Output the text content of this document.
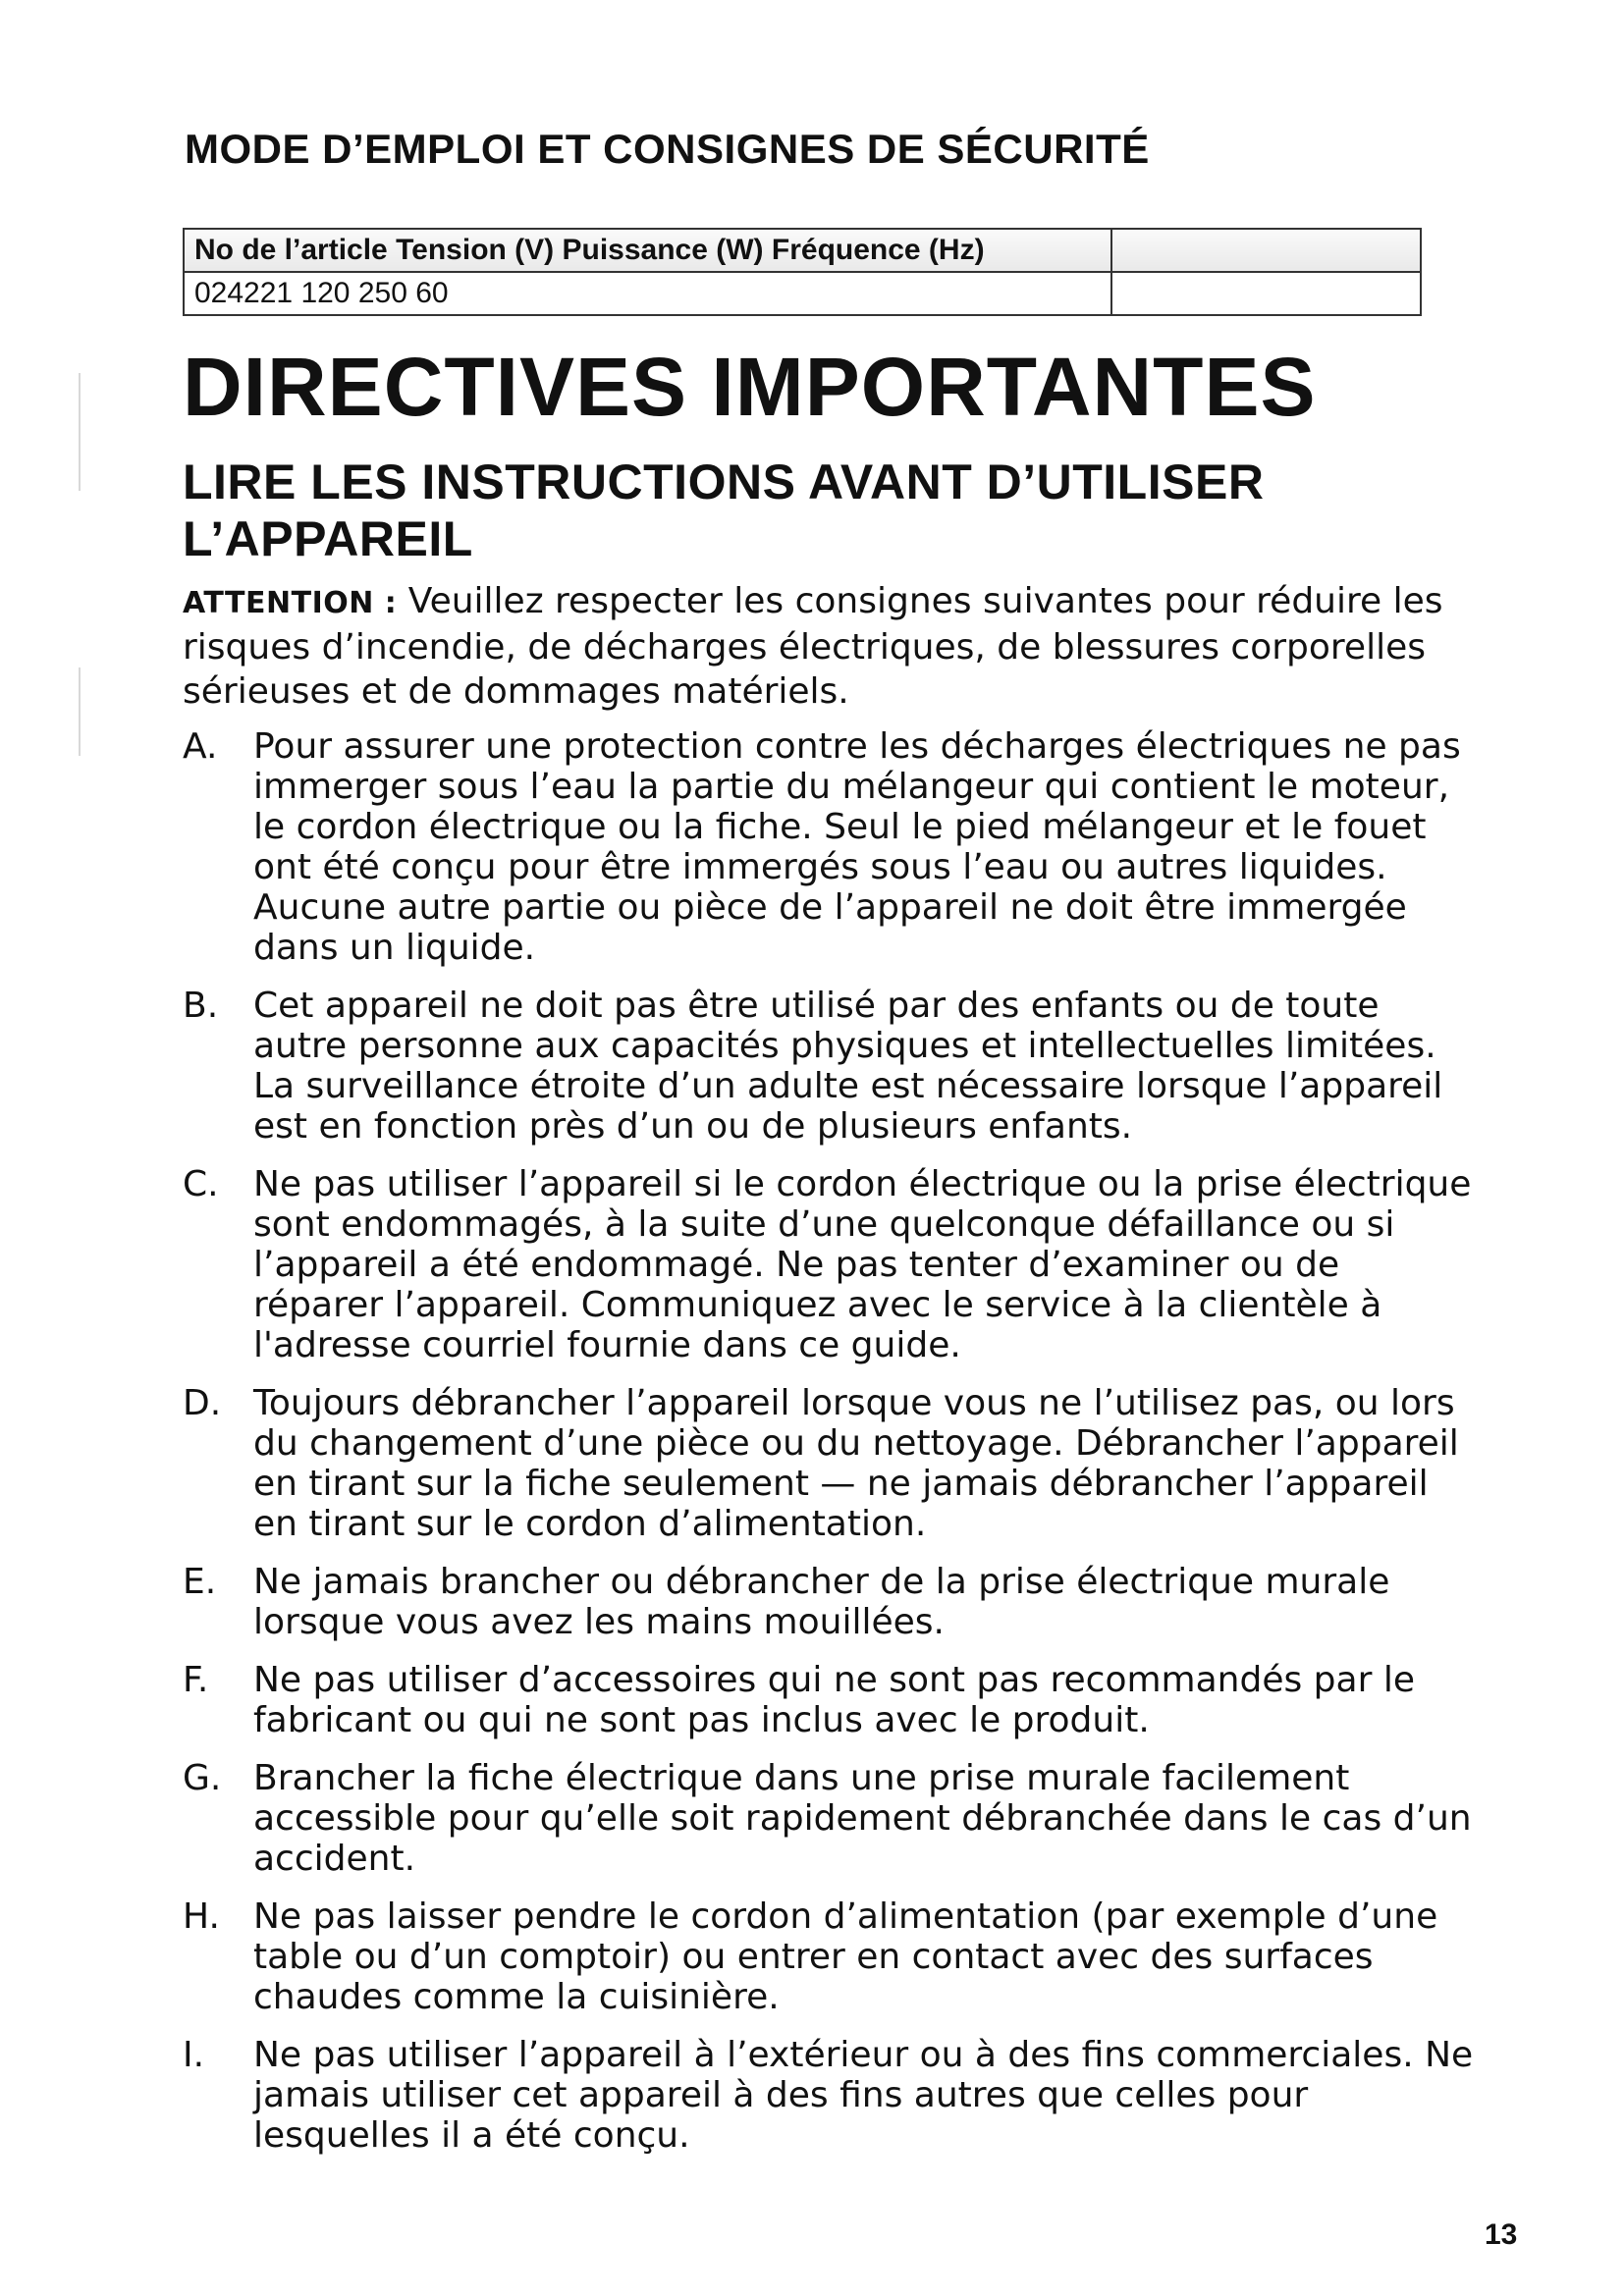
MODE D’EMPLOI ET CONSIGNES DE SÉCURITÉ
No de l’article Tension (V) Puissance (W) Fréquence (Hz)	
024221 120 250 60	
DIRECTIVES IMPORTANTES
LIRE LES INSTRUCTIONS AVANT D’UTILISER L’APPAREIL

ATTENTION : Veuillez respecter les consignes suivantes pour réduire les risques d’incendie, de décharges électriques, de blessures corporelles sérieuses et de dommages matériels.

A. Pour assurer une protection contre les décharges électriques ne pas immerger sous l’eau la partie du mélangeur qui contient le moteur, le cordon électrique ou la fiche. Seul le pied mélangeur et le fouet ont été conçu pour être immergés sous l’eau ou autres liquides. Aucune autre partie ou pièce de l’appareil ne doit être immergée dans un liquide.
B. Cet appareil ne doit pas être utilisé par des enfants ou de toute autre personne aux capacités physiques et intellectuelles limitées. La surveillance étroite d’un adulte est nécessaire lorsque l’appareil est en fonction près d’un ou de plusieurs enfants.
C. Ne pas utiliser l’appareil si le cordon électrique ou la prise électrique sont endommagés, à la suite d’une quelconque défaillance ou si l’appareil a été endommagé. Ne pas tenter d’examiner ou de réparer l’appareil. Communiquez avec le service à la clientèle à l'adresse courriel fournie dans ce guide.
D. Toujours débrancher l’appareil lorsque vous ne l’utilisez pas, ou lors du changement d’une pièce ou du nettoyage. Débrancher l’appareil en tirant sur la fiche seulement — ne jamais débrancher l’appareil en tirant sur le cordon d’alimentation.
E. Ne jamais brancher ou débrancher de la prise électrique murale lorsque vous avez les mains mouillées.
F. Ne pas utiliser d’accessoires qui ne sont pas recommandés par le fabricant ou qui ne sont pas inclus avec le produit.
G. Brancher la fiche électrique dans une prise murale facilement accessible pour qu’elle soit rapidement débranchée dans le cas d’un accident.
H. Ne pas laisser pendre le cordon d’alimentation (par exemple d’une table ou d’un comptoir) ou entrer en contact avec des surfaces chaudes comme la cuisinière.
I. Ne pas utiliser l’appareil à l’extérieur ou à des fins commerciales. Ne jamais utiliser cet appareil à des fins autres que celles pour lesquelles il a été conçu.
13
